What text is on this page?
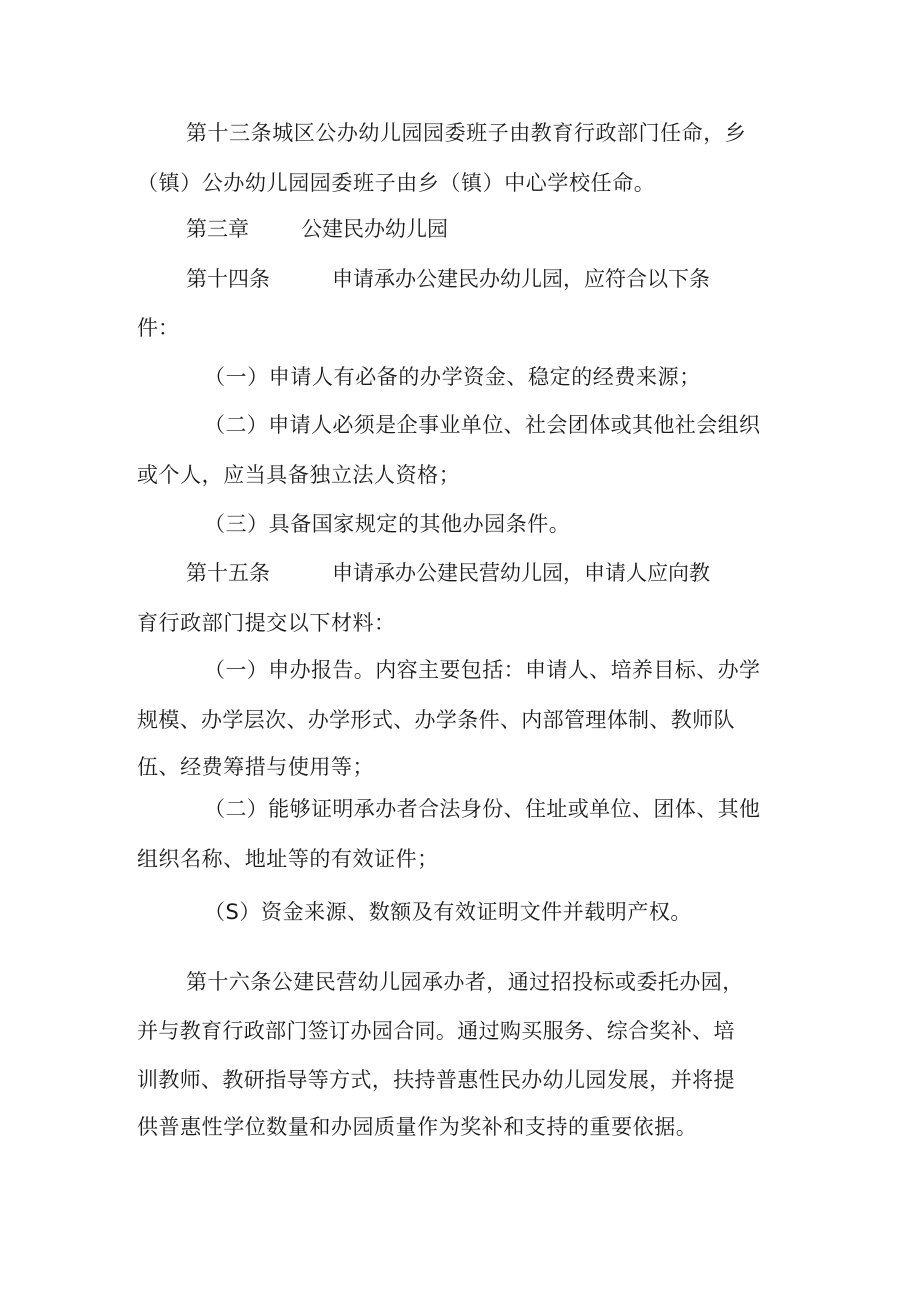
第十三条城区公办幼儿园园委班子由教育行政部门任命，乡

（镇）公办幼儿园园委班子由乡（镇）中心学校任命。

第三章 公建民办幼儿园

第十四条	申请承办公建民办幼儿园，应符合以下条

件：

（一）申请人有必备的办学资金、稳定的经费来源；

（二）申请人必须是企事业单位、社会团体或其他社会组织

或个人，应当具备独立法人资格；

（三）具备国家规定的其他办园条件。

第十五条	申请承办公建民营幼儿园，申请人应向教

育行政部门提交以下材料：

（一）申办报告。内容主要包括：申请人、培养目标、办学

规模、办学层次、办学形式、办学条件、内部管理体制、教师队

伍、经费筹措与使用等；

（二）能够证明承办者合法身份、住址或单位、团体、其他

组织名称、地址等的有效证件；

（S）资金来源、数额及有效证明文件并载明产权。

第十六条公建民营幼儿园承办者，通过招投标或委托办园，

并与教育行政部门签订办园合同。通过购买服务、综合奖补、培

训教师、教研指导等方式，扶持普惠性民办幼儿园发展，并将提

供普惠性学位数量和办园质量作为奖补和支持的重要依据。
